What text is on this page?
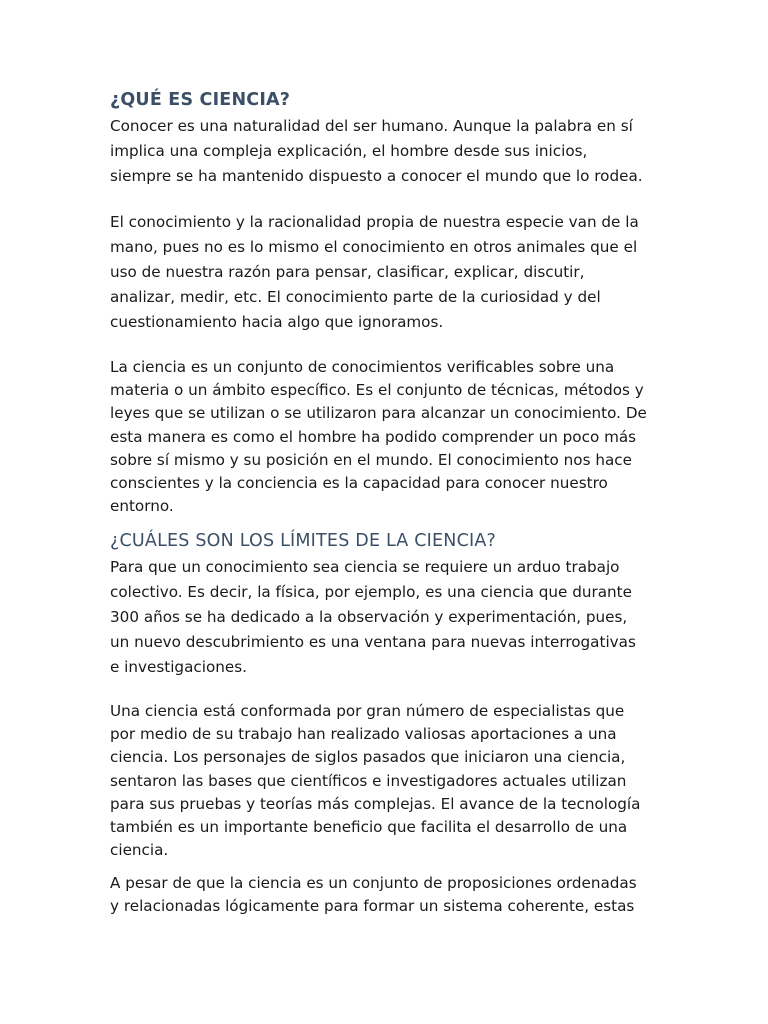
¿QUÉ ES CIENCIA?

Conocer es una naturalidad del ser humano. Aunque la palabra en sí
implica una compleja explicación, el hombre desde sus inicios,
siempre se ha mantenido dispuesto a conocer el mundo que lo rodea.

El conocimiento y la racionalidad propia de nuestra especie van de la
mano, pues no es lo mismo el conocimiento en otros animales que el
uso de nuestra razón para pensar, clasificar, explicar, discutir,
analizar, medir, etc. El conocimiento parte de la curiosidad y del
cuestionamiento hacia algo que ignoramos.

La ciencia es un conjunto de conocimientos verificables sobre una
materia o un ámbito específico. Es el conjunto de técnicas, métodos y
leyes que se utilizan o se utilizaron para alcanzar un conocimiento. De
esta manera es como el hombre ha podido comprender un poco más
sobre sí mismo y su posición en el mundo. El conocimiento nos hace
conscientes y la conciencia es la capacidad para conocer nuestro
entorno.

¿CUÁLES SON LOS LÍMITES DE LA CIENCIA?

Para que un conocimiento sea ciencia se requiere un arduo trabajo
colectivo. Es decir, la física, por ejemplo, es una ciencia que durante
300 años se ha dedicado a la observación y experimentación, pues,
un nuevo descubrimiento es una ventana para nuevas interrogativas
e investigaciones.

Una ciencia está conformada por gran número de especialistas que
por medio de su trabajo han realizado valiosas aportaciones a una
ciencia. Los personajes de siglos pasados que iniciaron una ciencia,
sentaron las bases que científicos e investigadores actuales utilizan
para sus pruebas y teorías más complejas. El avance de la tecnología
también es un importante beneficio que facilita el desarrollo de una
ciencia.

A pesar de que la ciencia es un conjunto de proposiciones ordenadas
y relacionadas lógicamente para formar un sistema coherente, estas
